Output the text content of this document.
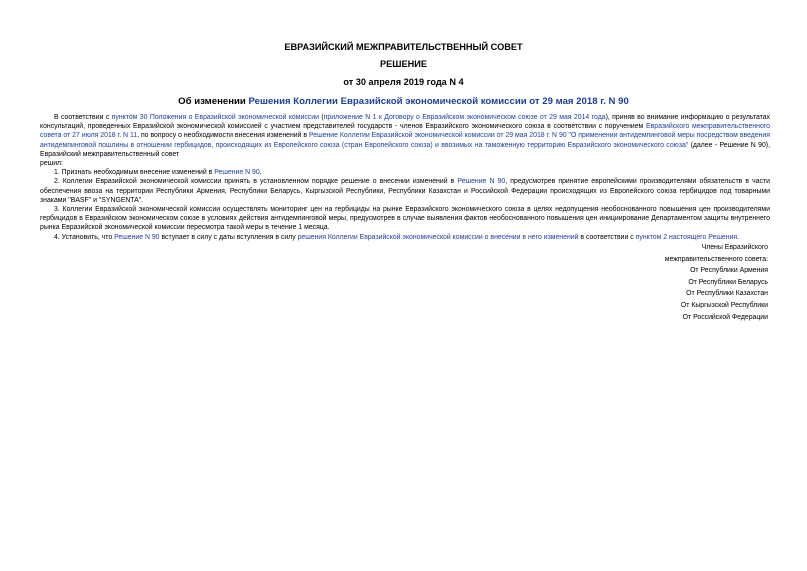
ЕВРАЗИЙСКИЙ МЕЖПРАВИТЕЛЬСТВЕННЫЙ СОВЕТ

РЕШЕНИЕ

от 30 апреля 2019 года N 4

Об изменении Решения Коллегии Евразийской экономической комиссии от 29 мая 2018 г. N 90

В соответствии с пунктом 30 Положения о Евразийской экономической комиссии (приложение N 1 к Договору о Евразийском экономическом союзе от 29 мая 2014 года), приняв во внимание информацию о результатах консультаций, проведенных Евразийской экономической комиссией с участием представителей государств - членов Евразийского экономического союза в соответствии с поручением Евразийского межправительственного совета от 27 июля 2018 г. N 11, по вопросу о необходимости внесения изменений в Решение Коллегии Евразийской экономической комиссии от 29 мая 2018 г. N 90 "О применении антидемпинговой меры посредством введения антидемпинговой пошлины в отношении гербицидов, происходящих из Европейского союза (стран Европейского союза) и ввозимых на таможенную территорию Евразийского экономического союза" (далее - Решение N 90), Евразийский межправительственный совет

решил:

1. Признать необходимым внесение изменений в Решение N 90.

2. Коллегии Евразийской экономической комиссии принять в установленном порядке решение о внесении изменений в Решение N 90, предусмотрев принятие европейскими производителями обязательств в части обеспечения ввоза на территории Республики Армения, Республики Беларусь, Кыргызской Республики, Республики Казахстан и Российской Федерации происходящих из Европейского союза гербицидов под товарными знаками "BASF" и "SYNGENTA".

3. Коллегии Евразийской экономической комиссии осуществлять мониторинг цен на гербициды на рынке Евразийского экономического союза в целях недопущения необоснованного повышения цен производителями гербицидов в Евразийском экономическом союзе в условиях действия антидемпинговой меры, предусмотрев в случае выявления фактов необоснованного повышения цен инициирование Департаментом защиты внутреннего рынка Евразийской экономической комиссии пересмотра такой меры в течение 1 месяца.

4. Установить, что Решение N 90 вступает в силу с даты вступления в силу решения Коллегии Евразийской экономической комиссии о внесении в него изменений в соответствии с пунктом 2 настоящего Решения.

Члены Евразийского
межправительственного совета:
От Республики Армения
От Республики Беларусь
От Республики Казахстан
От Кыргызской Республики
От Российской Федерации
